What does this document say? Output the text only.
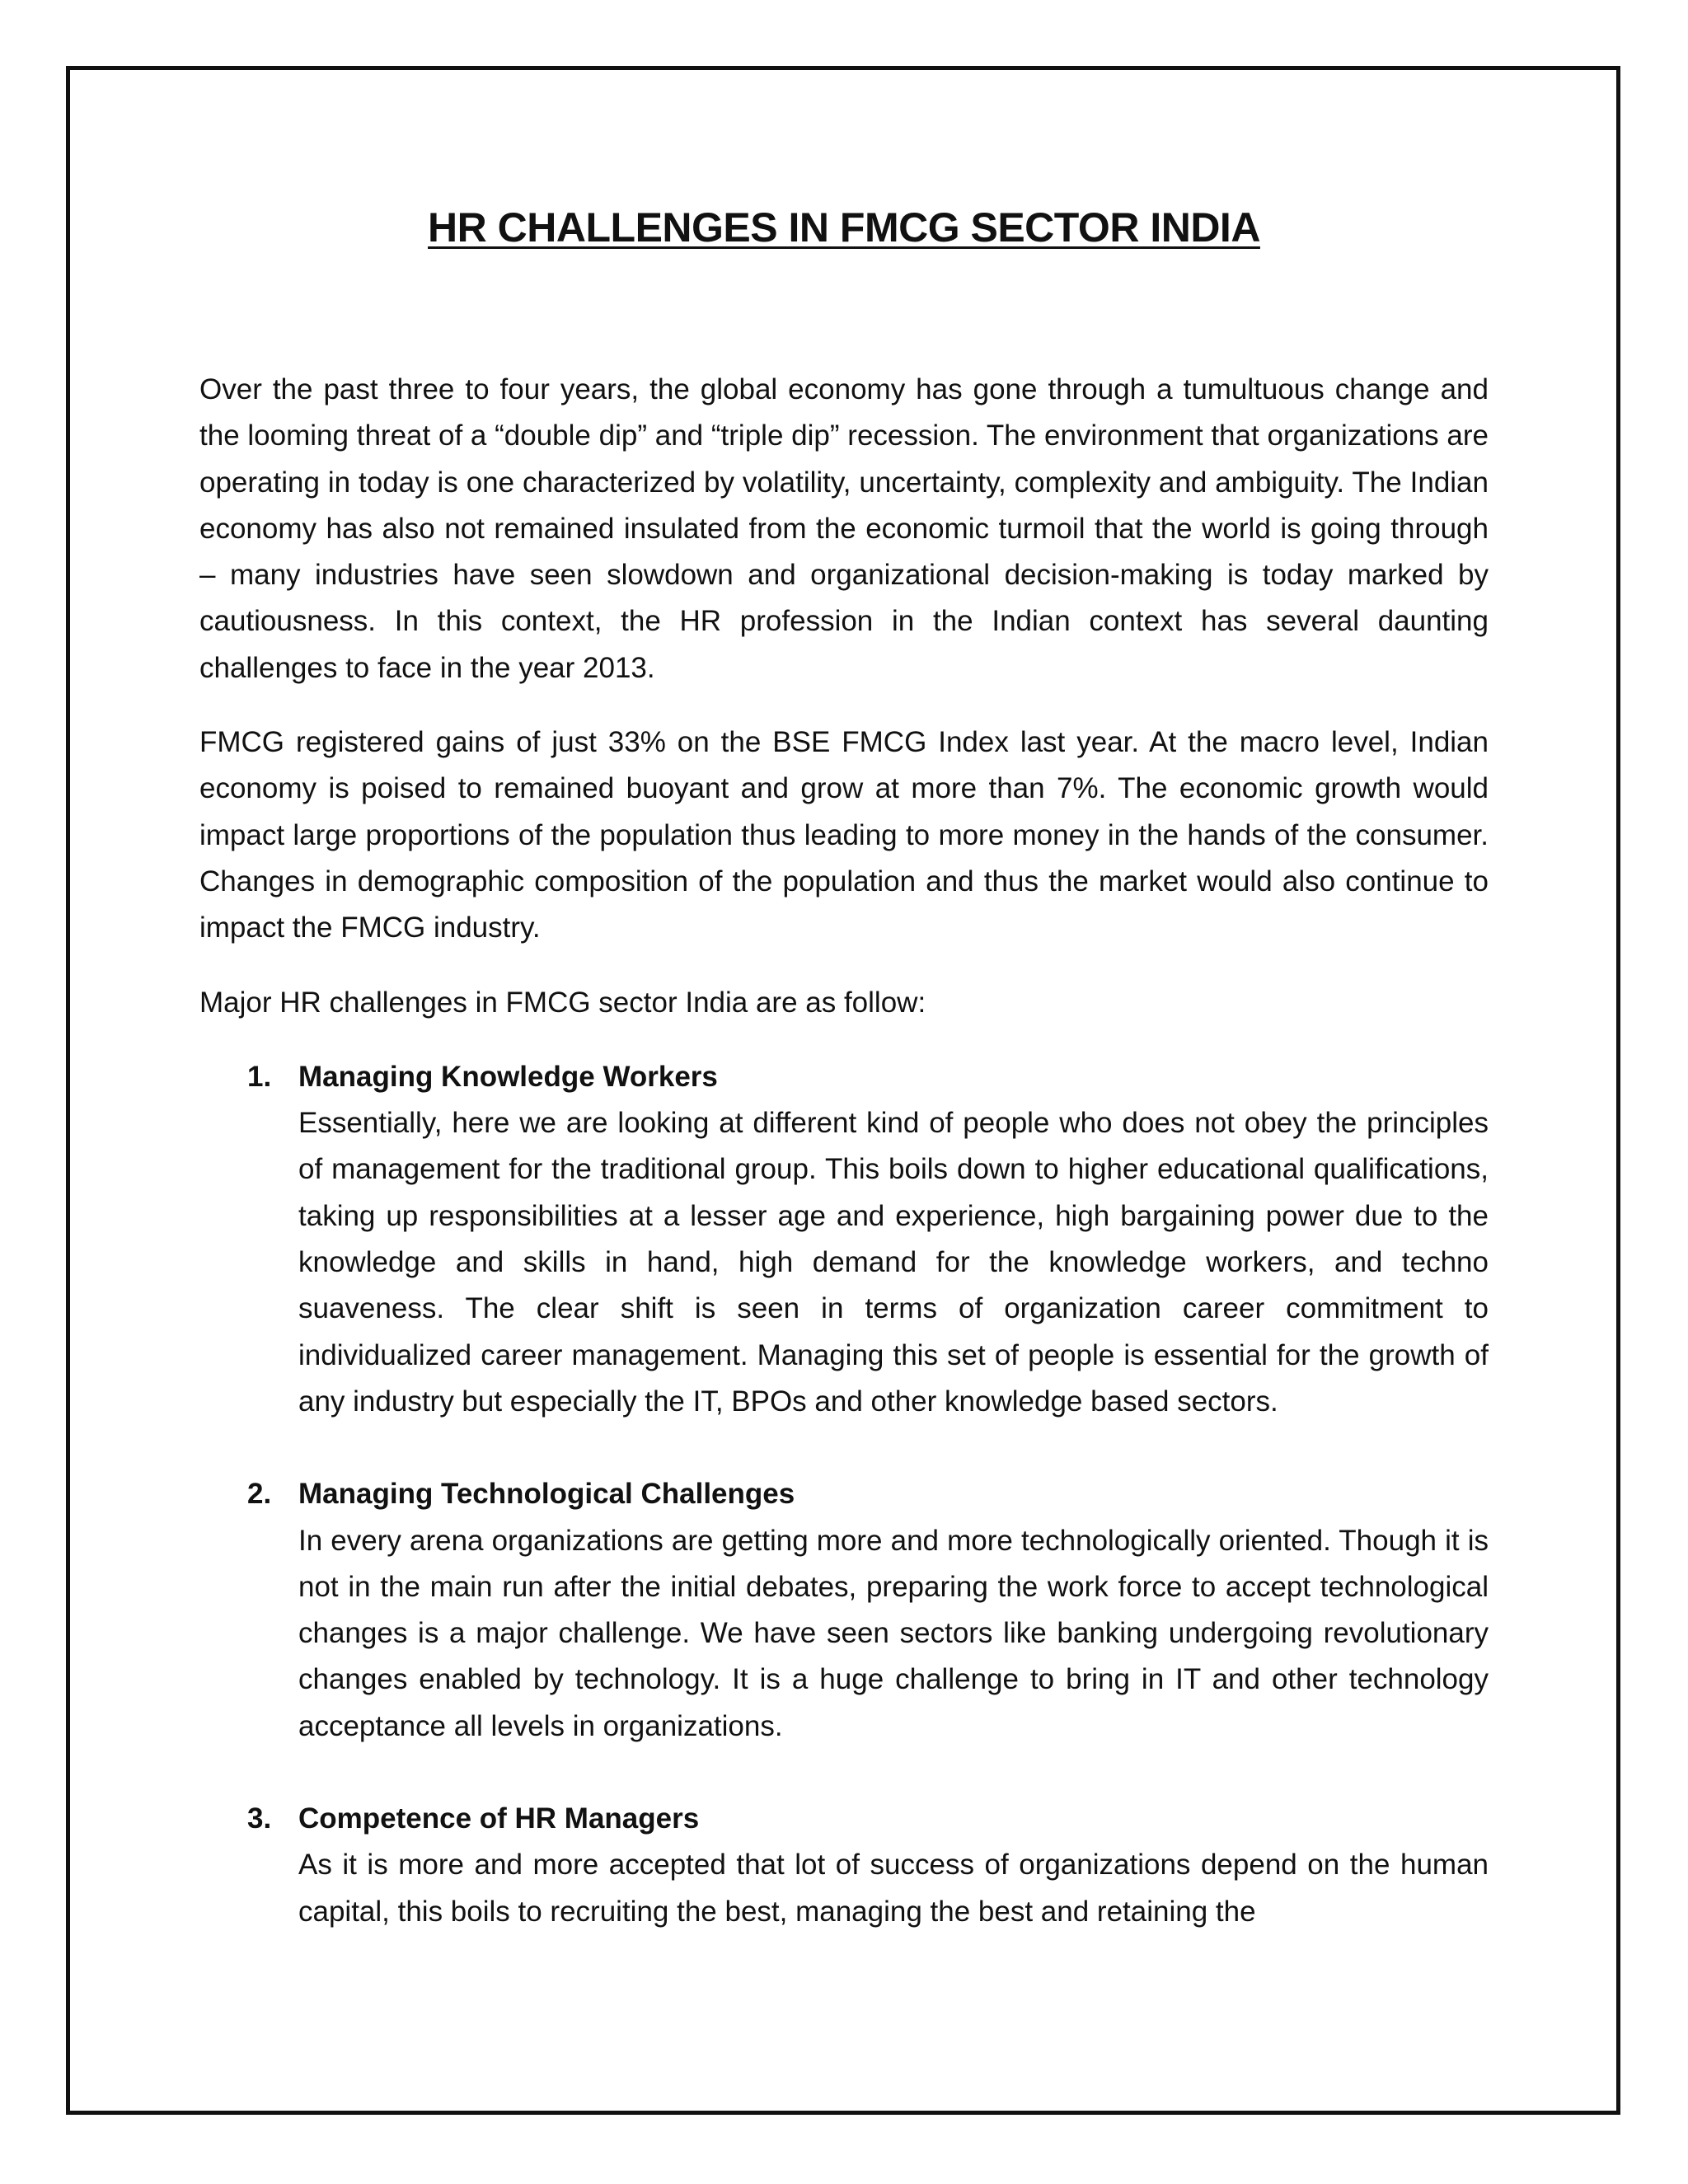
HR CHALLENGES IN FMCG SECTOR INDIA

Over the past three to four years, the global economy has gone through a tumultuous change and the looming threat of a “double dip” and “triple dip” recession. The environment that organizations are operating in today is one characterized by volatility, uncertainty, complexity and ambiguity. The Indian economy has also not remained insulated from the economic turmoil that the world is going through – many industries have seen slowdown and organizational decision-making is today marked by cautiousness. In this context, the HR profession in the Indian context has several daunting challenges to face in the year 2013.

FMCG registered gains of just 33% on the BSE FMCG Index last year. At the macro level, Indian economy is poised to remained buoyant and grow at more than 7%. The economic growth would impact large proportions of the population thus leading to more money in the hands of the consumer. Changes in demographic composition of the population and thus the market would also continue to impact the FMCG industry.

Major HR challenges in FMCG sector India are as follow:

1. Managing Knowledge Workers
Essentially, here we are looking at different kind of people who does not obey the principles of management for the traditional group. This boils down to higher educational qualifications, taking up responsibilities at a lesser age and experience, high bargaining power due to the knowledge and skills in hand, high demand for the knowledge workers, and techno suaveness. The clear shift is seen in terms of organization career commitment to individualized career management. Managing this set of people is essential for the growth of any industry but especially the IT, BPOs and other knowledge based sectors.
2. Managing Technological Challenges
In every arena organizations are getting more and more technologically oriented. Though it is not in the main run after the initial debates, preparing the work force to accept technological changes is a major challenge. We have seen sectors like banking undergoing revolutionary changes enabled by technology. It is a huge challenge to bring in IT and other technology acceptance all levels in organizations.
3. Competence of HR Managers
As it is more and more accepted that lot of success of organizations depend on the human capital, this boils to recruiting the best, managing the best and retaining the
